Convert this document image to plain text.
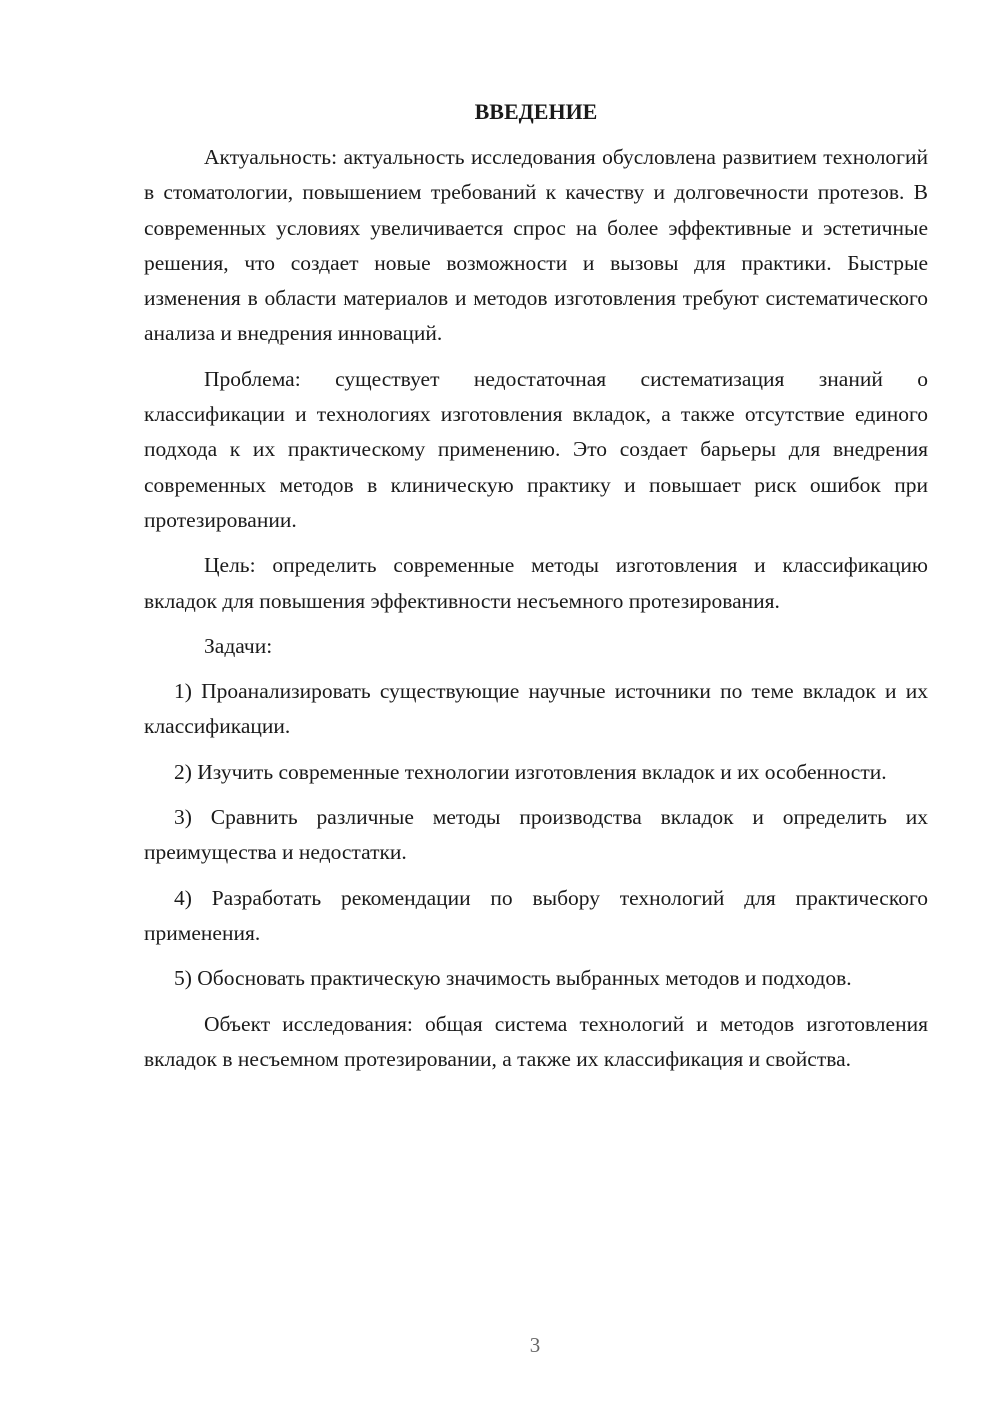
ВВЕДЕНИЕ

Актуальность: актуальность исследования обусловлена развитием технологий в стоматологии, повышением требований к качеству и долговечности протезов. В современных условиях увеличивается спрос на более эффективные и эстетичные решения, что создает новые возможности и вызовы для практики. Быстрые изменения в области материалов и методов изготовления требуют систематического анализа и внедрения инноваций.

Проблема: существует недостаточная систематизация знаний о классификации и технологиях изготовления вкладок, а также отсутствие единого подхода к их практическому применению. Это создает барьеры для внедрения современных методов в клиническую практику и повышает риск ошибок при протезировании.

Цель: определить современные методы изготовления и классификацию вкладок для повышения эффективности несъемного протезирования.

Задачи:

1) Проанализировать существующие научные источники по теме вкладок и их классификации.

2) Изучить современные технологии изготовления вкладок и их особенности.

3) Сравнить различные методы производства вкладок и определить их преимущества и недостатки.

4) Разработать рекомендации по выбору технологий для практического применения.

5) Обосновать практическую значимость выбранных методов и подходов.

Объект исследования: общая система технологий и методов изготовления вкладок в несъемном протезировании, а также их классификация и свойства.

3
